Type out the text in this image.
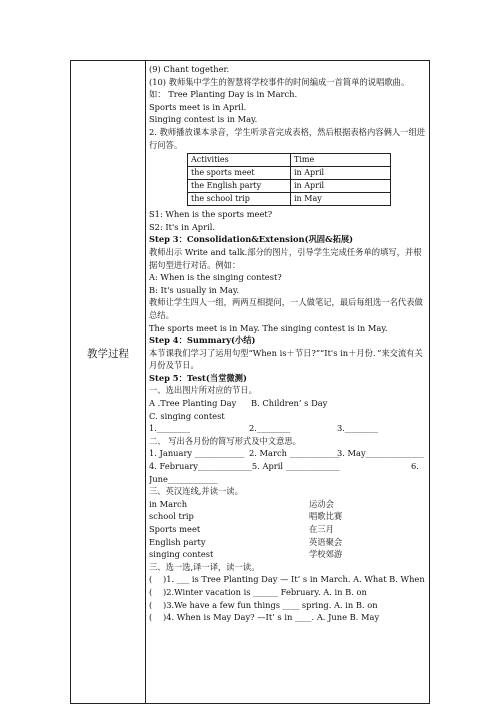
教学过程
(9) Chant together.
(10) 教师集中学生的智慧将学校事件的时间编成一首简单的说唱歌曲。
如： Tree Planting Day is in March.
Sports meet is in April.
Singing contest is in May.
2. 教师播放课本录音，学生听录音完成表格，然后根据表格内容俩人一组进行问答。
Activities	Time
the sports meet	in April
the English party	in April
the school trip	in May
S1: When is the sports meet?
S2: It's in April.
Step 3：Consolidation&Extension(巩固&拓展)
教师出示 Write and talk.部分的图片，引导学生完成任务单的填写，并根据句型进行对话。例如：
A: When is the singing contest?
B: It's usually in May.
教师让学生四人一组，两两互相提问，一人做笔记，最后每组选一名代表做总结。
The sports meet is in May. The singing contest is in May.
Step 4：Summary(小结)
本节课我们学习了运用句型“When is＋节日?”“It's in＋月份．”来交流有关月份及节日。
Step 5：Test(当堂微测)
一、选出图片所对应的节日。
A .Tree Planting Day	B. Children’ s Day
C. singing contest
1.________	2.________	3.________
二、 写出各月份的简写形式及中文意思。
1. January ____________ 2. March ____________
3. May______________
4. February_____________5. April _____________	6.
June____________
三、英汉连线,并读一读。
in March	运动会
school trip	唱歌比赛
Sports meet	在三月
English party	英语聚会
singing contest	学校郊游
三、选一选,译一译，读一读。
(	)1. ___ is Tree Planting Day — It’ s in March. A. What B. When
(	)2.Winter vacation is ______ February. A. in B. on
(	)3.We have a few fun things ____ spring. A. in B. on
(	)4. When is May Day? —It’ s in ____. A. June B. May
